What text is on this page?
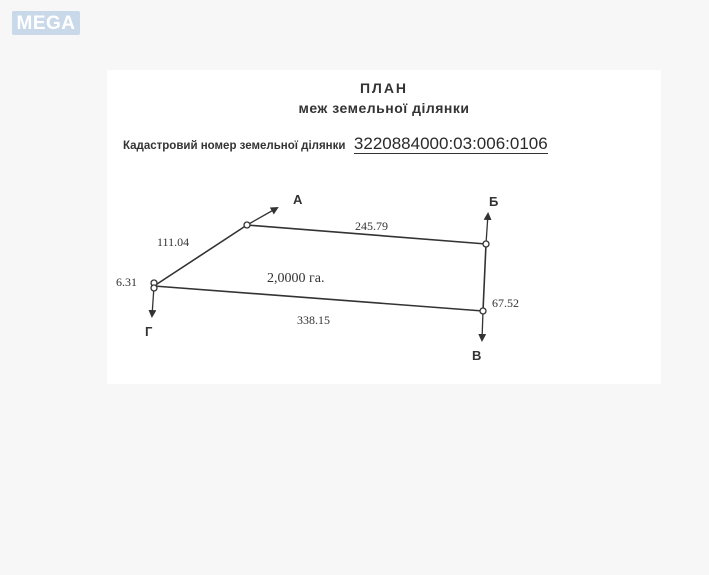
MEGA
ПЛАН
меж земельної ділянки
Кадастровий номер земельної ділянки 3220884000:03:006:0106
А	Б
В
Г
245.79
67.52
338.15
6.31
111.04
2,0000 га.
